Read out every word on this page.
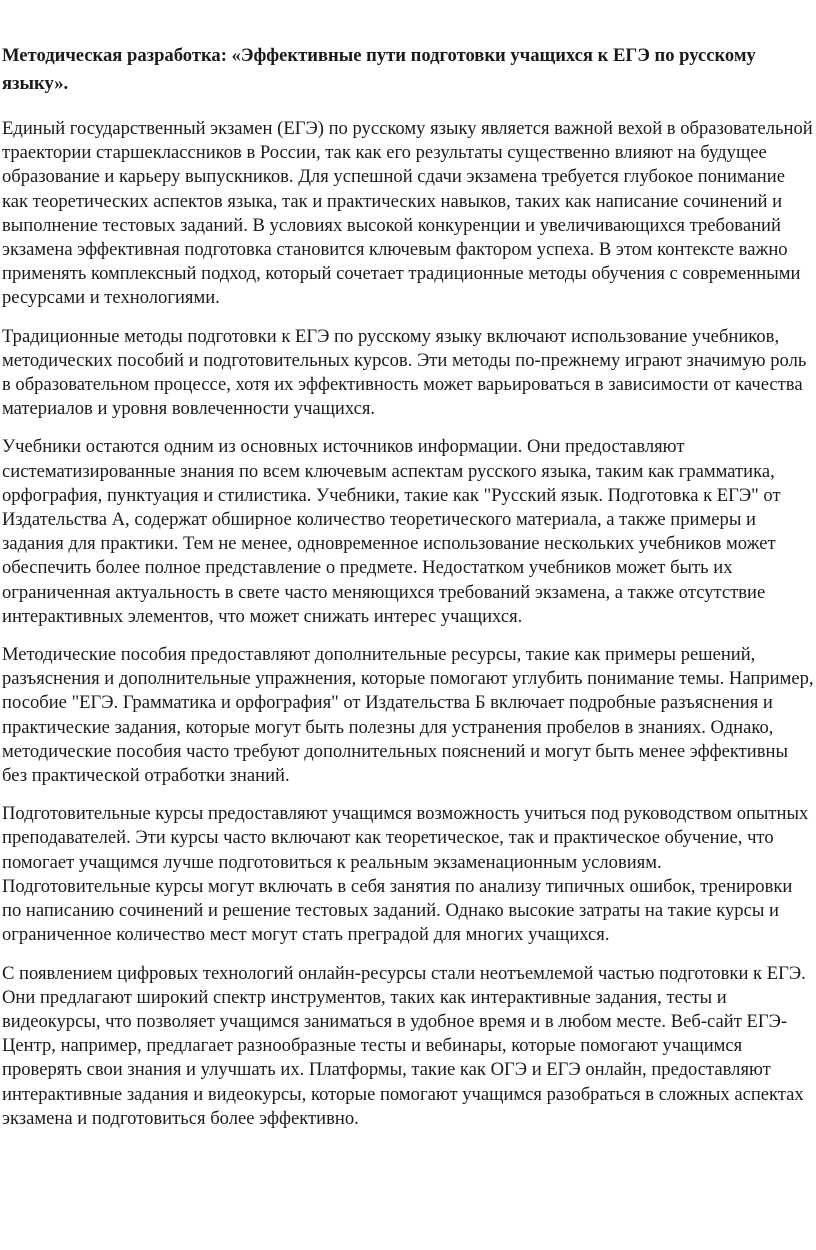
Методическая разработка: «Эффективные пути подготовки учащихся к ЕГЭ по русскому языку».

Единый государственный экзамен (ЕГЭ) по русскому языку является важной вехой в образовательной траектории старшеклассников в России, так как его результаты существенно влияют на будущее образование и карьеру выпускников. Для успешной сдачи экзамена требуется глубокое понимание как теоретических аспектов языка, так и практических навыков, таких как написание сочинений и выполнение тестовых заданий. В условиях высокой конкуренции и увеличивающихся требований экзамена эффективная подготовка становится ключевым фактором успеха. В этом контексте важно применять комплексный подход, который сочетает традиционные методы обучения с современными ресурсами и технологиями.

Традиционные методы подготовки к ЕГЭ по русскому языку включают использование учебников, методических пособий и подготовительных курсов. Эти методы по-прежнему играют значимую роль в образовательном процессе, хотя их эффективность может варьироваться в зависимости от качества материалов и уровня вовлеченности учащихся.

Учебники остаются одним из основных источников информации. Они предоставляют систематизированные знания по всем ключевым аспектам русского языка, таким как грамматика, орфография, пунктуация и стилистика. Учебники, такие как "Русский язык. Подготовка к ЕГЭ" от Издательства А, содержат обширное количество теоретического материала, а также примеры и задания для практики. Тем не менее, одновременное использование нескольких учебников может обеспечить более полное представление о предмете. Недостатком учебников может быть их ограниченная актуальность в свете часто меняющихся требований экзамена, а также отсутствие интерактивных элементов, что может снижать интерес учащихся.

Методические пособия предоставляют дополнительные ресурсы, такие как примеры решений, разъяснения и дополнительные упражнения, которые помогают углубить понимание темы. Например, пособие "ЕГЭ. Грамматика и орфография" от Издательства Б включает подробные разъяснения и практические задания, которые могут быть полезны для устранения пробелов в знаниях. Однако, методические пособия часто требуют дополнительных пояснений и могут быть менее эффективны без практической отработки знаний.

Подготовительные курсы предоставляют учащимся возможность учиться под руководством опытных преподавателей. Эти курсы часто включают как теоретическое, так и практическое обучение, что помогает учащимся лучше подготовиться к реальным экзаменационным условиям. Подготовительные курсы могут включать в себя занятия по анализу типичных ошибок, тренировки по написанию сочинений и решение тестовых заданий. Однако высокие затраты на такие курсы и ограниченное количество мест могут стать преградой для многих учащихся.

С появлением цифровых технологий онлайн-ресурсы стали неотъемлемой частью подготовки к ЕГЭ. Они предлагают широкий спектр инструментов, таких как интерактивные задания, тесты и видеокурсы, что позволяет учащимся заниматься в удобное время и в любом месте. Веб-сайт ЕГЭ-Центр, например, предлагает разнообразные тесты и вебинары, которые помогают учащимся проверять свои знания и улучшать их. Платформы, такие как ОГЭ и ЕГЭ онлайн, предоставляют интерактивные задания и видеокурсы, которые помогают учащимся разобраться в сложных аспектах экзамена и подготовиться более эффективно.
